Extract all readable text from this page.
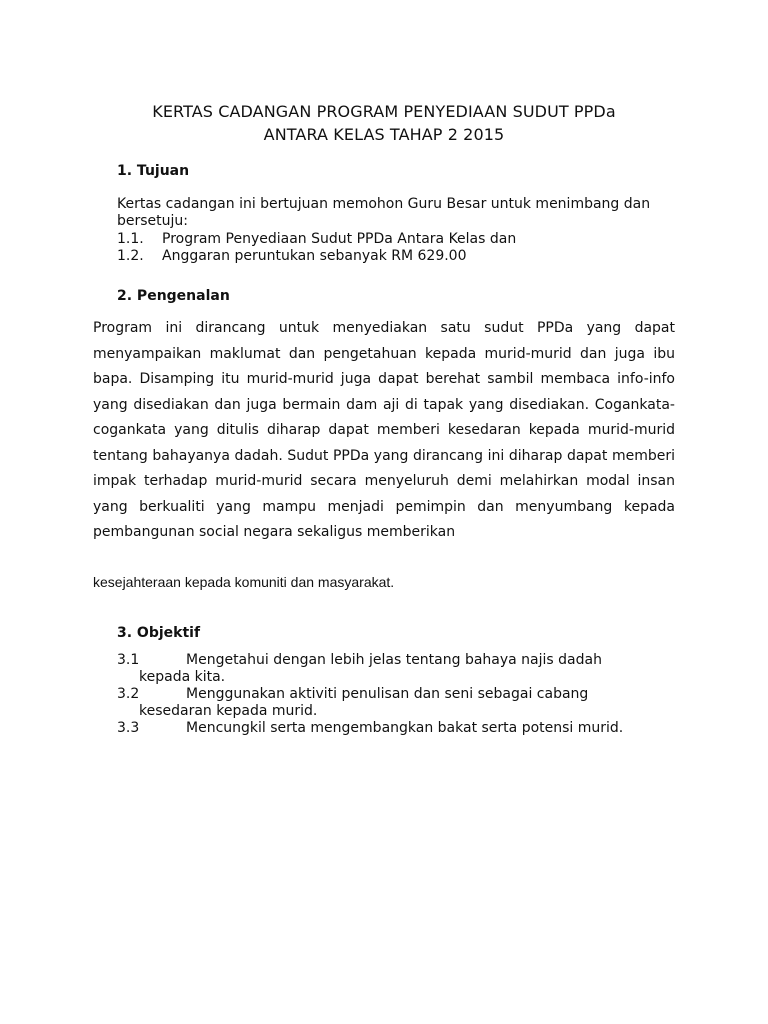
KERTAS CADANGAN PROGRAM PENYEDIAAN SUDUT PPDa
ANTARA KELAS TAHAP 2 2015
1. Tujuan
Kertas cadangan ini bertujuan memohon Guru Besar untuk menimbang dan bersetuju:
1.1. Program Penyediaan Sudut PPDa Antara Kelas dan
1.2. Anggaran peruntukan sebanyak RM 629.00
2. Pengenalan
Program ini dirancang untuk menyediakan satu sudut PPDa yang dapat menyampaikan maklumat dan pengetahuan kepada murid-murid dan juga ibu bapa. Disamping itu murid-murid juga dapat berehat sambil membaca info-info yang disediakan dan juga bermain dam aji di tapak yang disediakan. Cogankata-cogankata yang ditulis diharap dapat memberi kesedaran kepada murid-murid tentang bahayanya dadah. Sudut PPDa yang dirancang ini diharap dapat memberi impak terhadap murid-murid secara menyeluruh demi melahirkan modal insan yang berkualiti yang mampu menjadi pemimpin dan menyumbang kepada pembangunan social negara sekaligus memberikan
kesejahteraan kepada komuniti dan masyarakat.
3. Objektif
3.1	Mengetahui dengan lebih jelas tentang bahaya najis dadah
kepada kita.
3.2	Menggunakan aktiviti penulisan dan seni sebagai cabang
kesedaran kepada murid.
3.3	Mencungkil serta mengembangkan bakat serta potensi murid.
